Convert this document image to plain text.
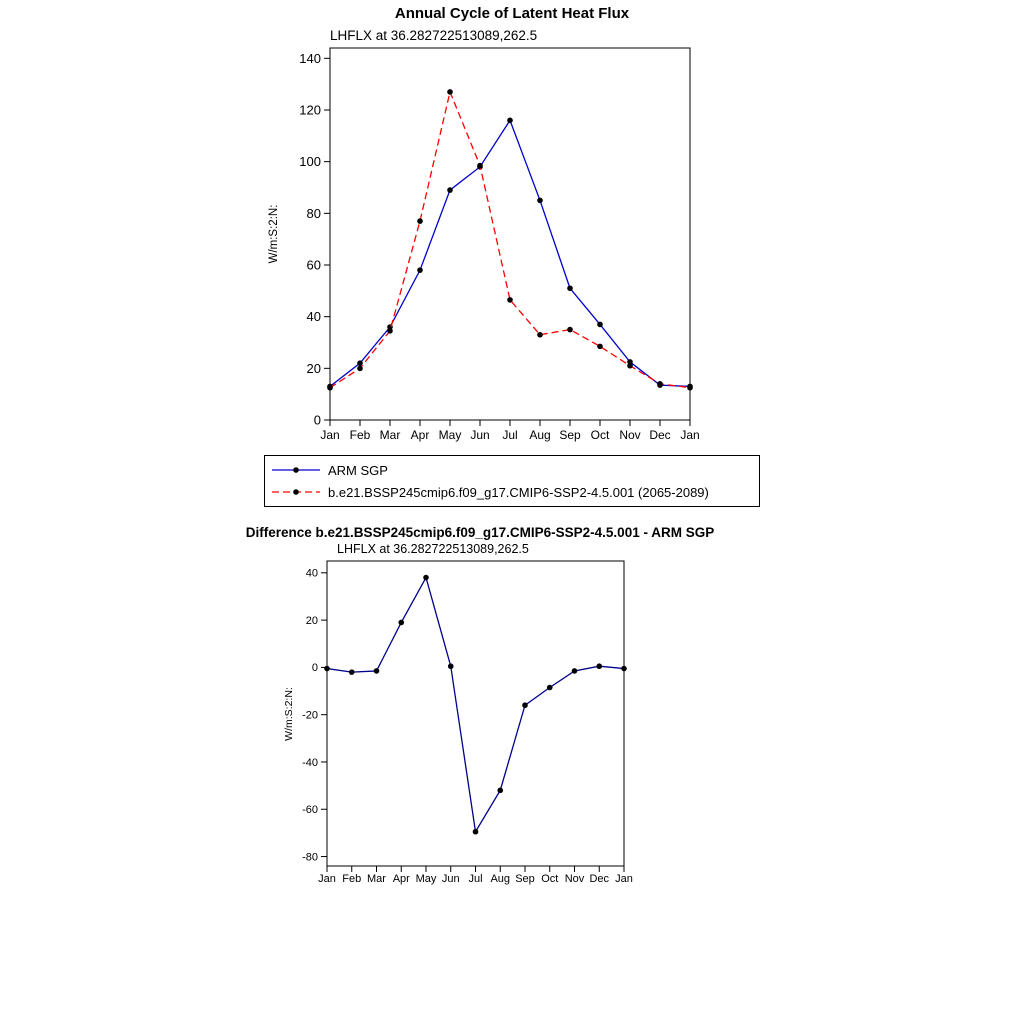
Annual Cycle of Latent Heat Flux
LHFLX at 36.282722513089,262.5
0
20
40
60
80
100
120
140
Jan Feb Mar Apr May Jun Jul Aug Sep Oct Nov Dec Jan
W/m:S:2:N:
ARM SGP
b.e21.BSSP245cmip6.f09_g17.CMIP6-SSP2-4.5.001 (2065-2089)
Difference b.e21.BSSP245cmip6.f09_g17.CMIP6-SSP2-4.5.001 - ARM SGP
LHFLX at 36.282722513089,262.5
-80
-60
-40
-20
0
20
40
Jan Feb Mar Apr May Jun Jul Aug Sep Oct Nov Dec Jan
W/m:S:2:N:
